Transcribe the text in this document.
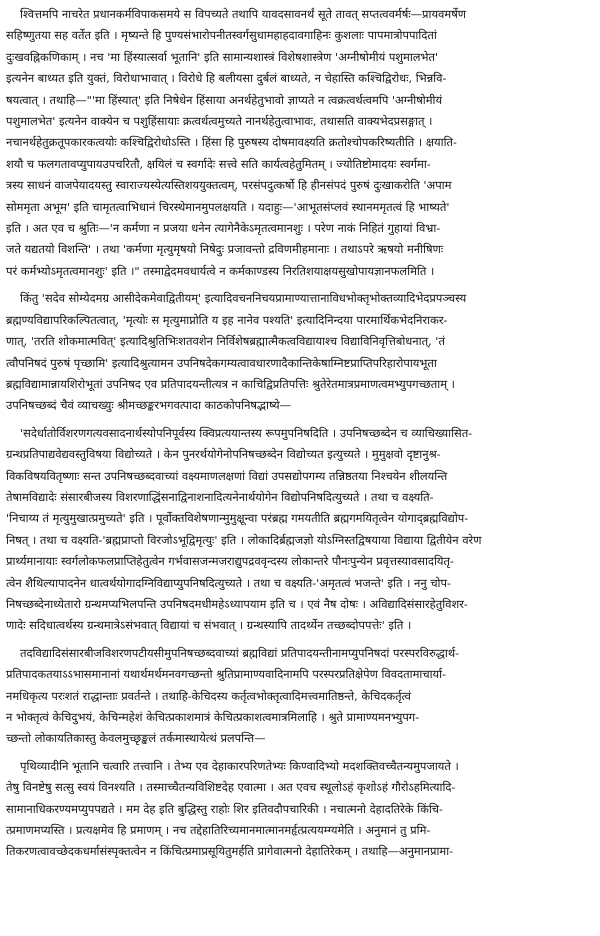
श्वित्तमपि नाचरेत प्रधानकर्मविपाकसमये स विपच्यते तथापि यावदसावनर्थं सूते तावत् सप्तत्ववर्मर्षः—प्रायवमर्षेण
सहिष्णुतया सह वर्तेत इति । मृष्यन्ते हि पुण्यसंभारोपनीतस्वर्गसुधामहाहदावगाहिनः कुशलाः पापमात्रोपपादितां
दुःखवह्निकणिकाम् । नच 'मा हिंस्यात्सर्वा भूतानि' इति सामान्यशास्त्रं विशेषशास्त्रेण 'अग्नीषोमीयं पशुमालभेत'
इत्यनेन बाध्यत इति युक्तं, विरोधाभावात् । विरोधे हि बलीयसा दुर्बलं बाध्यते, न चेहास्ति कश्चिद्विरोधः, भिन्नवि-
षयत्वात् । तथाहि—"'मा हिंस्यात्' इति निषेधेन हिंसाया अनर्थहेतुभावो ज्ञाप्यते न त्वक्रत्वर्थत्वमपि 'अग्नीषोमीयं
पशुमालभेत' इत्यनेन वाक्येन च पशुहिंसायाः क्रत्वर्थत्वमुच्यते नानर्थहेतुत्वाभावः, तथासति वाक्यभेदप्रसङ्गात् ।
नचानर्थहेतुक्रतूपकारकत्वयोः कश्चिद्विरोधोऽस्ति । हिंसा हि पुरुषस्य दोषमावक्ष्यति क्रतोश्चोपकरिष्यतीति । क्षयाति-
शयौ च फलगतावप्युपायउपचरितौ, क्षयिलं च स्वर्गादेः सत्त्वे सति कार्यत्वहेतुमितम् । ज्योतिष्टोमादयः स्वर्गमा-
त्रस्य साधनं वाजपेयादयस्तु स्वाराज्यस्येत्यस्तिशययुक्तत्वम्, परसंपदुत्कर्षो हि हीनसंपदं पुरुषं दुःखाकरोति 'अपाम
सोममृता अभूम' इति चामृतत्वाभिधानं चिरस्थेमानमुपलक्षयति । यदाहुः—'आभूतसंप्लवं स्थानममृतत्वं हि भाष्यते'
इति । अत एव च श्रुतिः—'न कर्मणा न प्रजया धनेन त्यागेनैकेऽमृतत्वमानशुः । परेण नाकं निहितं गुहायां विभ्रा-
जते यद्यतयो विशन्ति' । तथा 'कर्मणा मृत्युमृषयो निषेदुः प्रजावन्तो द्रविणमीहमानाः । तथाऽपरे ऋषयो मनीषिणः
परं कर्मभ्योऽमृतत्वमानशुः' इति ।" तस्माद्वेदमवधार्यत्वे न कर्मकाण्डस्य निरतिशयाक्षयसुखोपायज्ञानफलमिति ।
किंतु 'सदेव सोम्येदमग्र आसीदेकमेवाद्वितीयम्' इत्यादिवचननिचयप्रामाण्यात्तानाविधभोक्तृभोक्तव्यादिभेदप्रपञ्चस्य
ब्रह्मण्यविद्यापरिकल्पितत्वात्, 'मृत्योः स मृत्युमाप्नोति य इह नानेव पश्यति' इत्यादिनिन्दया पारमार्थिकभेदनिराकर-
णात्, 'तरति शोकमात्मवित्' इत्यादिश्रुतिभिःशतवशेन निर्विशेषब्रह्मात्मैकत्वविद्यायाश्च विद्याविनिवृत्तिबोधनात्, 'तं
त्वौपनिषदं पुरुषं पृच्छामि' इत्यादिश्रुत्यामन उपनिषदेकगम्यत्वावधारणादैकान्तिकेषाम्निष्टप्राप्तिपरिहारोपायभूता
ब्रह्मविद्यामान्नायशिरोभूतां उपनिषद एव प्रतिपादयन्तीत्यत्र न काचिद्विप्रतिपत्तिः श्रुतेरेतमात्रप्रमाणत्वमभ्युपगच्छताम् ।
उपनिषच्छब्दं चैवं व्याचख्युः श्रीमच्छङ्करभगवत्पादा काठकोपनिषद्भाष्ये—
'सदेर्धातोर्विशरणगत्यवसादनार्थस्योपनिपूर्वस्य क्विप्रत्ययान्तस्य रूपमुपनिषदिति । उपनिषच्छब्देन च व्याचिख्यासित-
ग्रन्थप्रतिपाद्यवेद्यवस्तुविषया विद्योच्यते । केन पुनरर्थयोगेनोपनिषच्छब्देन विद्योच्यत इत्युच्यते । मुमुक्षवो दृष्टानुश्र-
विकविषयवितृष्णाः सन्त उपनिषच्छब्दवाच्यां वक्ष्यमाणलक्षणां विद्यां उपसद्योपगम्य तन्निष्ठतया निश्चयेन शीलयन्ति
तेषामविद्यादेः संसारबीजस्य विशरणाद्धिंसनाद्विनाशनादित्यनेनार्थयोगेन विद्योपनिषदित्युच्यते । तथा च वक्ष्यति-
'निचाय्य तं मृत्युमुखात्प्रमुच्यते' इति । पूर्वोक्तविशेषणान्मुमुक्षून्वा परंब्रह्म गमयतीति ब्रह्मगमयितृत्वेन योगाद्ब्रह्मविद्योप-
निषत् । तथा च वक्ष्यति-'ब्रह्मप्राप्तो विरजोऽभूद्विमृत्युः' इति । लोकादिर्ब्रह्मजज्ञो योऽग्निस्तद्विषयाया विद्याया द्वितीयेन वरेण
प्रार्थ्यमानायाः स्वर्गलोकफलप्राप्तिहेतुत्वेन गर्भवासजन्मजराद्युपद्रववृन्दस्य लोकान्तरे पौनःपुन्येन प्रवृत्तस्यावसादयितृ-
त्वेन शैथिल्यापादनेन धात्वर्थयोगादग्निविद्याप्युपनिषदित्युच्यते । तथा च वक्ष्यति-'अमृतत्वं भजन्ते' इति । ननु चोप-
निषच्छब्देनाध्येतारो ग्रन्थमप्यभिलपन्ति उपनिषदमधीमहेऽध्यापयाम इति च । एवं नैष दोषः । अविद्यादिसंसारहेतुविशर-
णादेः सदिधात्वर्थस्य ग्रन्थमात्रेऽसंभवात् विद्यायां च संभवात् । ग्रन्थस्यापि तादर्थ्येन तच्छब्दोपपत्तेः' इति ।
तदविद्यादिसंसारबीजविशरणपटीयसीमुपनिषच्छब्दवाच्यां ब्रह्मविद्यां प्रतिपादयन्तीनामप्युपनिषदां परस्परविरुद्धार्थ-
प्रतिपादकतयाऽऽभासमानानां यथार्थमर्थमनवगच्छन्तो श्रुतिप्रामाण्यवादिनामपि परस्परप्रतिक्षेपेण विवदतामाचार्या-
नमधिकृत्य परःशतं राद्धान्ताः प्रवर्तन्ते । तथाहि-केचिदस्य कर्तृत्वभोक्तृत्वादिमत्त्वमातिष्ठन्ते, केचिदकर्तृत्वं
न भोक्तृत्वं केचिदुभयं, केचिन्महेशं केचित्प्रकाशमात्रं केचित्प्रकाशत्वमात्रमिलाहि । श्रुते प्रामाण्यमनभ्युपग-
च्छन्तो लोकायतिकास्तु केवलमुच्छृङ्खलं तर्कमास्थायेत्थं प्रलपन्ति—
पृथिव्यादीनि भूतानि चत्वारि तत्त्वानि । तेभ्य एव देहाकारपरिणतेभ्यः किण्वादिभ्यो मदशक्तिवच्चैतन्यमुपजायते ।
तेषु विनष्टेषु सत्सु स्वयं विनश्यति । तस्माच्चैतन्यविशिष्टदेह एवात्मा । अत एवच स्थूलोऽहं कृशोऽहं गौरोऽहमित्यादि-
सामानाधिकरण्यमप्युपपद्यते । मम देह इति बुद्धिस्तु राहोः शिर इतिवदौपचारिकी । नचात्मनो देहादतिरेके किंचि-
त्प्रमाणमप्यस्ति । प्रत्यक्षमेव हि प्रमाणम् । नच तद्देहातिरिच्यमानमात्मानमर्हृत्प्रत्ययम्ग्यमेति । अनुमानं तु प्रमि-
तिकरणत्वावच्छेदकधर्मासंस्पृक्तत्वेन न किंचित्प्रमाप्रसूयितुमर्हति प्रागेवात्मनो देहातिरेकम् । तथाहि—अनुमानप्रामा-
